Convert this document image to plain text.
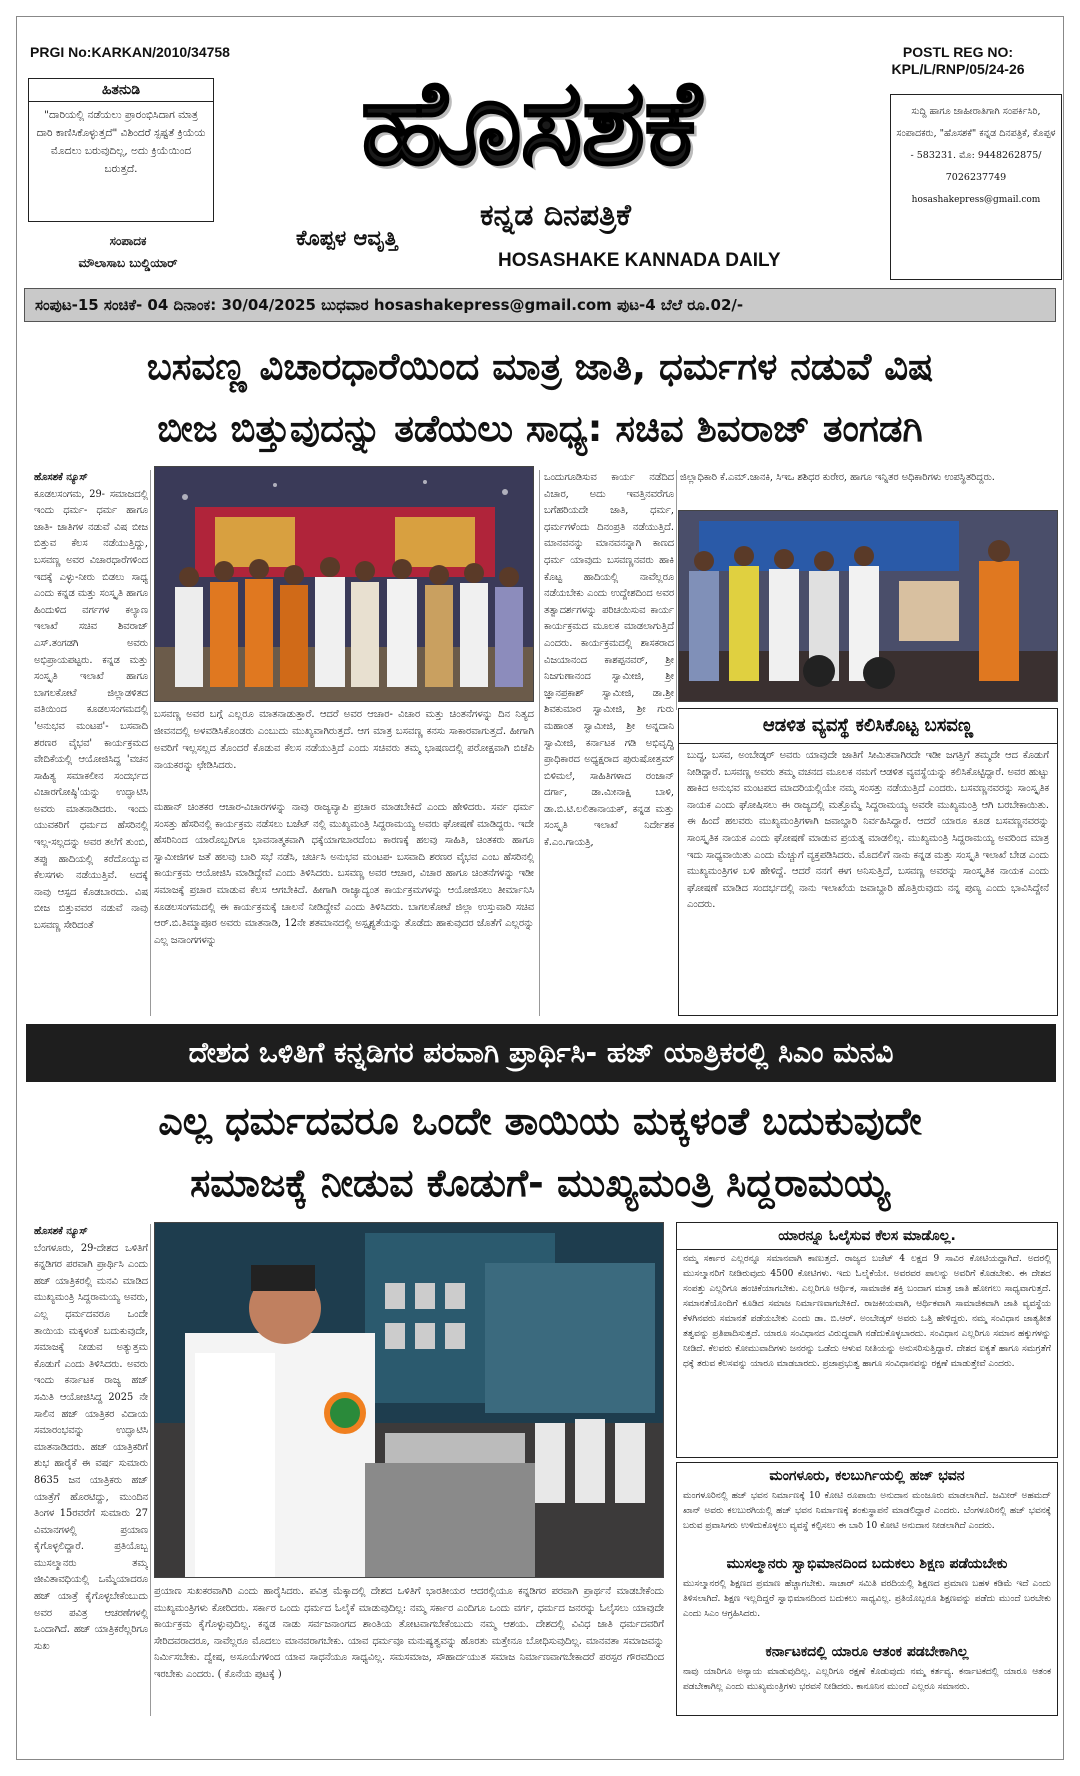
PRGI No:KARKAN/2010/34758	POSTL REG NO:
KPL/L/RNP/05/24-26
ಹಿತನುಡಿ
"ದಾರಿಯಲ್ಲಿ ನಡೆಯಲು ಪ್ರಾರಂಭಿಸಿದಾಗ ಮಾತ್ರ ದಾರಿ ಕಾಣಿಸಿಕೊಳ್ಳುತ್ತದೆ" ವಿಶಿಂದರೆ ಸ್ಪಷ್ಟತೆ ಕ್ರಿಯೆಯ ಮೊದಲು ಬರುವುದಿಲ್ಲ, ಅದು ಕ್ರಿಯೆಯಿಂದ ಬರುತ್ತದೆ.
ಸಂಪಾದಕ
ಮೌಲಾಸಾಬ ಬುಲ್ಡಿಯಾರ್
ಹೊಸಶಕೆ
ಕೊಪ್ಪಳ ಆವೃತ್ತಿ
ಕನ್ನಡ ದಿನಪತ್ರಿಕೆ
HOSASHAKE KANNADA DAILY
ಸುದ್ದಿ ಹಾಗೂ ಜಾಹೀರಾತಿಗಾಗಿ ಸಂಪರ್ಕಿಸಿರಿ, ಸಂಪಾದಕರು, "ಹೊಸಶಕೆ" ಕನ್ನಡ ದಿನಪತ್ರಿಕೆ, ಕೊಪ್ಪಳ - 583231. ಮೊ: 9448262875/ 7026237749
hosashakepress@gmail.com
ಸಂಪುಟ-15 ಸಂಚಿಕೆ- 04 ದಿನಾಂಕ: 30/04/2025 ಬುಧವಾರ hosashakepress@gmail.com ಪುಟ-4 ಬೆಲೆ ರೂ.02/-
ಬಸವಣ್ಣ ವಿಚಾರಧಾರೆಯಿಂದ ಮಾತ್ರ ಜಾತಿ, ಧರ್ಮಗಳ ನಡುವೆ ವಿಷ
ಬೀಜ ಬಿತ್ತುವುದನ್ನು ತಡೆಯಲು ಸಾಧ್ಯ: ಸಚಿವ ಶಿವರಾಜ್ ತಂಗಡಗಿ
ಹೊಸಶಕೆ ನ್ಯೂಸ್
ಕೂಡಲಸಂಗಮ, 29- ಸಮಾಜದಲ್ಲಿ ಇಂದು ಧರ್ಮ- ಧರ್ಮ ಹಾಗೂ ಜಾತಿ- ಜಾತಿಗಳ ನಡುವೆ ವಿಷ ಬೀಜ ಬಿತ್ತುವ ಕೆಲಸ ನಡೆಯುತ್ತಿದ್ದು, ಬಸವಣ್ಣ ಅವರ ವಿಚಾರಧಾರೆಗಳಿಂದ ಇದಕ್ಕೆ ಎಳ್ಳು-ನೀರು ಬಿಡಲು ಸಾಧ್ಯ ಎಂದು ಕನ್ನಡ ಮತ್ತು ಸಂಸ್ಕೃತಿ ಹಾಗೂ ಹಿಂದುಳಿದ ವರ್ಗಗಳ ಕಲ್ಯಾಣ ಇಲಾಖೆ ಸಚಿವ ಶಿವರಾಜ್ ಎಸ್.ತಂಗಡಗಿ ಅವರು ಅಭಿಪ್ರಾಯಪಟ್ಟರು. ಕನ್ನಡ ಮತ್ತು ಸಂಸ್ಕೃತಿ ಇಲಾಖೆ ಹಾಗೂ ಬಾಗಲಕೋಟೆ ಜಿಲ್ಲಾಡಳಿತದ ವತಿಯಿಂದ ಕೂಡಲಸಂಗಮದಲ್ಲಿ 'ಅನುಭವ ಮಂಟಪ'- ಬಸವಾದಿ ಶರಣರ ವೈಭವ' ಕಾರ್ಯಕ್ರಮದ ವೇದಿಕೆಯಲ್ಲಿ ಆಯೋಜಿಸಿದ್ದ 'ವಚನ ಸಾಹಿತ್ಯ ಸಮಾಕಲೀನ ಸಂದರ್ಭದ ವಿಚಾರಗೋಷ್ಠಿ'ಯನ್ನು ಉದ್ಘಾಟಿಸಿ ಅವರು ಮಾತನಾಡಿದರು. ಇಂದು ಯುವಕರಿಗೆ ಧರ್ಮದ ಹೆಸರಿನಲ್ಲಿ ಇಲ್ಲ-ಸಲ್ಲದನ್ನು ಅವರ ತಲೆಗೆ ತುಂಬಿ, ತಪ್ಪು ಹಾದಿಯಲ್ಲಿ ಕರೆದೊಯ್ಯುವ ಕೆಲಸಗಳು ನಡೆಯುತ್ತಿವೆ. ಅದಕ್ಕೆ ನಾವು ಆಸ್ಪದ ಕೊಡಬಾರದು. ವಿಷ ಬೀಜ ಬಿತ್ತುವವರ ನಡುವೆ ನಾವು ಬಸವಣ್ಣ ಸೇರಿದಂತೆ
ಬಸವಣ್ಣ ಅವರ ಬಗ್ಗೆ ಎಲ್ಲರೂ ಮಾತನಾಡುತ್ತಾರೆ. ಆದರೆ ಅವರ ಆಚಾರ- ವಿಚಾರ ಮತ್ತು ಚಿಂತನೆಗಳನ್ನು ದಿನ ನಿತ್ಯದ ಜೀವನದಲ್ಲಿ ಅಳವಡಿಸಿಕೊಂಡರು ಎಂಬುದು ಮುಖ್ಯವಾಗಿರುತ್ತದೆ. ಆಗ ಮಾತ್ರ ಬಸವಣ್ಣ ಕನಸು ಸಾಕಾರವಾಗುತ್ತದೆ. ಹೀಗಾಗಿ ಅವರಿಗೆ ಇಲ್ಲಸಲ್ಲದ ತೊಂದರೆ ಕೊಡುವ ಕೆಲಸ ನಡೆಯುತ್ತಿದೆ ಎಂದು ಸಚಿವರು ತಮ್ಮ ಭಾಷಣದಲ್ಲಿ ಪರೋಕ್ಷವಾಗಿ ಬಿಜೆಪಿ ನಾಯಕರನ್ನು ಛೇಡಿಸಿದರು.
ಮಹಾನ್ ಚಿಂತಕರ ಆಚಾರ-ವಿಚಾರಗಳನ್ನು ನಾವು ರಾಜ್ಯವ್ಯಾಪಿ ಪ್ರಚಾರ ಮಾಡಬೇಕಿದೆ ಎಂದು ಹೇಳಿದರು. ಸರ್ವ ಧರ್ಮ ಸಂಸತ್ತು ಹೆಸರಿನಲ್ಲಿ ಕಾರ್ಯಕ್ರಮ ನಡೆಸಲು ಬಜೆಟ್ ನಲ್ಲಿ ಮುಖ್ಯಮಂತ್ರಿ ಸಿದ್ದರಾಮಯ್ಯ ಅವರು ಘೋಷಣೆ ಮಾಡಿದ್ದರು. ಇದೇ ಹೆಸರಿನಿಂದ ಯಾರೊಬ್ಬರಿಗೂ ಭಾವನಾತ್ಮಕವಾಗಿ ಧಕ್ಕೆಯಾಗಬಾರದೆಂಬ ಕಾರಣಕ್ಕೆ ಹಲವು ಸಾಹಿತಿ, ಚಿಂತಕರು ಹಾಗೂ ಸ್ವಾಮೀಜಿಗಳ ಜತೆ ಹಲವು ಬಾರಿ ಸಭೆ ನಡೆಸಿ, ಚರ್ಚಿಸಿ ಅನುಭವ ಮಂಟಪ- ಬಸವಾದಿ ಶರಣರ ವೈಭವ ಎಂಬ ಹೆಸರಿನಲ್ಲಿ ಕಾರ್ಯಕ್ರಮ ಆಯೋಜಿಸಿ ಮಾಡಿದ್ದೇವೆ ಎಂದು ತಿಳಿಸಿದರು. ಬಸವಣ್ಣ ಅವರ ಆಚಾರ, ವಿಚಾರ ಹಾಗೂ ಚಿಂತನೆಗಳನ್ನು ಇಡೀ ಸಮಾಜಕ್ಕೆ ಪ್ರಚಾರ ಮಾಡುವ ಕೆಲಸ ಆಗಬೇಕಿದೆ. ಹೀಗಾಗಿ ರಾಜ್ಯಾದ್ಯಂತ ಕಾರ್ಯಕ್ರಮಗಳನ್ನು ಆಯೋಜಿಸಲು ತೀರ್ಮಾನಿಸಿ ಕೂಡಲಸಂಗಮದಲ್ಲಿ ಈ ಕಾರ್ಯಕ್ರಮಕ್ಕೆ ಚಾಲನೆ ನೀಡಿದ್ದೇವೆ ಎಂದು ತಿಳಿಸಿದರು. ಬಾಗಲಕೋಟೆ ಜಿಲ್ಲಾ ಉಸ್ತುವಾರಿ ಸಚಿವ ಆರ್.ಬಿ.ತಿಮ್ಮಾಪೂರ ಅವರು ಮಾತನಾಡಿ, 12ನೇ ಶತಮಾನದಲ್ಲಿ ಅಸ್ಪೃಶ್ಯತೆಯನ್ನು ತೊಡೆದು ಹಾಕುವುದರ ಜೊತೆಗೆ ಎಲ್ಲರನ್ನು ಎಲ್ಲ ಜನಾಂಗಗಳನ್ನು
ಒಂದುಗೂಡಿಸುವ ಕಾರ್ಯ ನಡೆದಿದ ವಿಚಾರ, ಅದು ಇವತ್ತಿನವರೆಗೂ ಬಗೆಹರಿಯದೇ ಜಾತಿ, ಧರ್ಮ, ಧರ್ಮಗಳೆಂದು ದಿನಂಪ್ರತಿ ನಡೆಯುತ್ತಿದೆ. ಮಾನವನನ್ನು ಮಾನವನನ್ನಾಗಿ ಕಾಣದ ಧರ್ಮ ಯಾವುದು ಬಸವಣ್ಣನವರು ಹಾಕಿ ಕೊಟ್ಟ ಹಾದಿಯಲ್ಲಿ ನಾವೆಲ್ಲರೂ ನಡೆಯಬೇಕು ಎಂದು ಉದ್ದೇಶದಿಂದ ಅವರ ತತ್ವಾದರ್ಶಗಳನ್ನು ಪರಿಚಯಿಸುವ ಕಾರ್ಯ ಕಾರ್ಯಕ್ರಮದ ಮೂಲಕ ಮಾಡಲಾಗುತ್ತಿದೆ ಎಂದರು. ಕಾರ್ಯಕ್ರಮದಲ್ಲಿ ಶಾಸಕರಾದ ವಿಜಯಾನಂದ ಕಾಶಪ್ಪನವರ್, ಶ್ರೀ ನಿಜಗುಣಾನಂದ ಸ್ವಾಮೀಜಿ, ಶ್ರೀ ಜ್ಞಾನಪ್ರಕಾಶ್ ಸ್ವಾಮೀಜಿ, ಡಾ.ಶ್ರೀ ಶಿವಕುಮಾರ ಸ್ವಾಮೀಜಿ, ಶ್ರೀ ಗುರು ಮಹಾಂತ ಸ್ವಾಮೀಜಿ, ಶ್ರೀ ಅನ್ನದಾನಿ ಸ್ವಾಮೀಜಿ, ಕರ್ನಾಟಕ ಗಡಿ ಅಭಿವೃದ್ಧಿ ಪ್ರಾಧಿಕಾರದ ಅಧ್ಯಕ್ಷರಾದ ಪುರುಷೋತ್ತಮ್ ಬಿಳಿಮಲೆ, ಸಾಹಿತಿಗಳಾದ ರಂಜಾನ್ ದರ್ಗಾ, ಡಾ.ಮೀನಾಕ್ಷಿ ಬಾಳಿ, ಡಾ.ಬಿ.ಟಿ.ಲಲಿತಾನಾಯಕ್, ಕನ್ನಡ ಮತ್ತು ಸಂಸ್ಕೃತಿ ಇಲಾಖೆ ನಿರ್ದೇಶಕ ಕೆ.ಎಂ.ಗಾಯತ್ರಿ,
ಜಿಲ್ಲಾಧಿಕಾರಿ ಕೆ.ಎಮ್.ಜಾನಕಿ, ಸಿಇಒ ಶಶಿಧರ ಕುರೇರ, ಹಾಗೂ ಇನ್ನಿತರ ಅಧಿಕಾರಿಗಳು ಉಪಸ್ಥಿತರಿದ್ದರು.
ಆಡಳಿತ ವ್ಯವಸ್ಥೆ ಕಲಿಸಿಕೊಟ್ಟ ಬಸವಣ್ಣ
ಬುದ್ಧ, ಬಸವ, ಅಂಬೇಡ್ಕರ್ ಅವರು ಯಾವುದೇ ಜಾತಿಗೆ ಸೀಮಿತವಾಗಿರದೇ ಇಡೀ ಜಗತ್ತಿಗೆ ತಮ್ಮದೇ ಆದ ಕೊಡುಗೆ ನೀಡಿದ್ದಾರೆ. ಬಸವಣ್ಣ ಅವರು ತಮ್ಮ ವಚನದ ಮೂಲಕ ನಮಗೆ ಆಡಳಿತ ವ್ಯವಸ್ಥೆಯನ್ನು ಕಲಿಸಿಕೊಟ್ಟಿದ್ದಾರೆ. ಅವರ ಹುಟ್ಟು ಹಾಕಿದ ಅನುಭವ ಮಂಟಪದ ಮಾದರಿಯಲ್ಲಿಯೇ ನಮ್ಮ ಸಂಸತ್ತು ನಡೆಯುತ್ತಿದೆ ಎಂದರು. ಬಸವಣ್ಣನವರನ್ನು ಸಾಂಸ್ಕೃತಿಕ ನಾಯಕ ಎಂದು ಘೋಷಿಸಲು ಈ ರಾಜ್ಯದಲ್ಲಿ ಮತ್ತೊಮ್ಮೆ ಸಿದ್ದರಾಮಯ್ಯ ಅವರೇ ಮುಖ್ಯಮಂತ್ರಿ ಆಗಿ ಬರಬೇಕಾಯಿತು. ಈ ಹಿಂದೆ ಹಲವರು ಮುಖ್ಯಮಂತ್ರಿಗಳಾಗಿ ಜವಾಬ್ದಾರಿ ನಿರ್ವಹಿಸಿದ್ದಾರೆ. ಆದರೆ ಯಾರೂ ಕೂಡ ಬಸವಣ್ಣನವರನ್ನು ಸಾಂಸ್ಕೃತಿಕ ನಾಯಕ ಎಂದು ಘೋಷಣೆ ಮಾಡುವ ಪ್ರಯತ್ನ ಮಾಡಲಿಲ್ಲ. ಮುಖ್ಯಮಂತ್ರಿ ಸಿದ್ದರಾಮಯ್ಯ ಅವರಿಂದ ಮಾತ್ರ ಇದು ಸಾಧ್ಯವಾಯಿತು ಎಂದು ಮೆಚ್ಚುಗೆ ವ್ಯಕ್ತಪಡಿಸಿದರು. ಮೊದಲಿಗೆ ನಾನು ಕನ್ನಡ ಮತ್ತು ಸಂಸ್ಕೃತಿ ಇಲಾಖೆ ಬೇಡ ಎಂದು ಮುಖ್ಯಮಂತ್ರಿಗಳ ಬಳಿ ಹೇಳಿದ್ದೆ. ಆದರೆ ನನಗೆ ಈಗ ಅನಿಸುತ್ತಿದೆ, ಬಸವಣ್ಣ ಅವರನ್ನು ಸಾಂಸ್ಕೃತಿಕ ನಾಯಕ ಎಂದು ಘೋಷಣೆ ಮಾಡಿದ ಸಂದರ್ಭದಲ್ಲಿ ನಾನು ಇಲಾಖೆಯ ಜವಾಬ್ದಾರಿ ಹೊತ್ತಿರುವುದು ನನ್ನ ಪುಣ್ಯ ಎಂದು ಭಾವಿಸಿದ್ದೇನೆ ಎಂದರು.
ದೇಶದ ಒಳಿತಿಗೆ ಕನ್ನಡಿಗರ ಪರವಾಗಿ ಪ್ರಾರ್ಥಿಸಿ- ಹಜ್ ಯಾತ್ರಿಕರಲ್ಲಿ ಸಿಎಂ ಮನವಿ
ಎಲ್ಲ ಧರ್ಮದವರೂ ಒಂದೇ ತಾಯಿಯ ಮಕ್ಕಳಂತೆ ಬದುಕುವುದೇ
ಸಮಾಜಕ್ಕೆ ನೀಡುವ ಕೊಡುಗೆ- ಮುಖ್ಯಮಂತ್ರಿ ಸಿದ್ದರಾಮಯ್ಯ
ಹೊಸಶಕೆ ನ್ಯೂಸ್
ಬೆಂಗಳೂರು, 29-ದೇಶದ ಒಳಿತಿಗೆ ಕನ್ನಡಿಗರ ಪರವಾಗಿ ಪ್ರಾರ್ಥಿಸಿ ಎಂದು ಹಜ್ ಯಾತ್ರಿಕರಲ್ಲಿ ಮನವಿ ಮಾಡಿದ ಮುಖ್ಯಮಂತ್ರಿ ಸಿದ್ದರಾಮಯ್ಯ ಅವರು, ಎಲ್ಲ ಧರ್ಮದವರೂ ಒಂದೇ ತಾಯಿಯ ಮಕ್ಕಳಂತೆ ಬದುಕುವುದೇ, ಸಮಾಜಕ್ಕೆ ನೀಡುವ ಅತ್ಯುತ್ತಮ ಕೊಡುಗೆ ಎಂದು ತಿಳಿಸಿದರು. ಅವರು ಇಂದು ಕರ್ನಾಟಕ ರಾಜ್ಯ ಹಜ್ ಸಮಿತಿ ಆಯೋಜಿಸಿದ್ದ 2025 ನೇ ಸಾಲಿನ ಹಜ್ ಯಾತ್ರಿಕರ ವಿದಾಯ ಸಮಾರಂಭವನ್ನು ಉದ್ಘಾಟಿಸಿ ಮಾತನಾಡಿದರು. ಹಜ್ ಯಾತ್ರಿಕರಿಗೆ ಶುಭ ಹಾರೈಕೆ ಈ ವರ್ಷ ಸುಮಾರು 8635 ಜನ ಯಾತ್ರಿಕರು ಹಜ್ ಯಾತ್ರೆಗೆ ಹೊರಟಿದ್ದು, ಮುಂದಿನ ತಿಂಗಳ 15ರವರೆಗೆ ಸುಮಾರು 27 ವಿಮಾನಗಳಲ್ಲಿ ಪ್ರಯಾಣ ಕೈಗೊಳ್ಳಲಿದ್ದಾರೆ. ಪ್ರತಿಯೊಬ್ಬ ಮುಸಲ್ಮಾನರು ತಮ್ಮ ಜೀವಿತಾವಧಿಯಲ್ಲಿ ಒಮ್ಮೆಯಾದರೂ ಹಜ್ ಯಾತ್ರೆ ಕೈಗೊಳ್ಳಬೇಕೆಂಬುದು ಅವರ ಪವಿತ್ರ ಆಚರಣೆಗಳಲ್ಲಿ ಒಂದಾಗಿದೆ. ಹಜ್ ಯಾತ್ರಿಕರೆಲ್ಲರಿಗೂ ಸುಖ
ಪ್ರಯಾಣ ಸುಖಕರವಾಗಿರಿ ಎಂದು ಹಾರೈಸಿದರು. ಪವಿತ್ರ ಮೆಕ್ಕಾದಲ್ಲಿ ದೇಶದ ಒಳಿತಿಗೆ ಭಾರತೀಯರ ಆದರಲ್ಲಿಯೂ ಕನ್ನಡಿಗರ ಪರವಾಗಿ ಪ್ರಾರ್ಥನೆ ಮಾಡಬೇಕೆಂದು ಮುಖ್ಯಮಂತ್ರಿಗಳು ಕೋರಿದರು. ಸರ್ಕಾರ ಒಂದು ಧರ್ಮದ ಓಲೈಕೆ ಮಾಡುವುದಿಲ್ಲ: ನಮ್ಮ ಸರ್ಕಾರ ಎಂದಿಗೂ ಒಂದು ವರ್ಗ, ಧರ್ಮದ ಜನರನ್ನು ಓಲೈಸಲು ಯಾವುದೇ ಕಾರ್ಯಕ್ರಮ ಕೈಗೊಳ್ಳುವುದಿಲ್ಲ. ಕನ್ನಡ ನಾಡು ಸರ್ವಜನಾಂಗದ ಶಾಂತಿಯ ತೋಟವಾಗಬೇಕೆಂಬುದು ನಮ್ಮ ಆಶಯ. ದೇಶದಲ್ಲಿ ವಿವಿಧ ಜಾತಿ ಧರ್ಮದವರಿಗೆ ಸೇರಿದವರಾದರೂ, ನಾವೆಲ್ಲರೂ ಮೊದಲು ಮಾನವರಾಗಬೇಕು. ಯಾವ ಧರ್ಮವೂ ಮನುಷ್ಯತ್ವವನ್ನು ಹೊರತು ಮತ್ತೇನೂ ಬೋಧಿಸುವುದಿಲ್ಲ. ಮಾನವತಾ ಸಮಾಜವನ್ನು ನಿರ್ಮಿಸಬೇಕು. ದ್ವೇಷ, ಅಸೂಯೆಗಳಿಂದ ಯಾವ ಸಾಧನೆಯೂ ಸಾಧ್ಯವಿಲ್ಲ. ಸಮಸಮಾಜ, ಸೌಹಾರ್ದಯುತ ಸಮಾಜ ನಿರ್ಮಾಣವಾಗಬೇಕಾದರೆ ಪರಸ್ಪರ ಗೌರವದಿಂದ ಇರಬೇಕು ಎಂದರು. ( ಕೊನೆಯ ಪುಟಕ್ಕೆ )
ಯಾರನ್ನೂ ಓಲೈಸುವ ಕೆಲಸ ಮಾಡೊಲ್ಲ.
ನಮ್ಮ ಸರ್ಕಾರ ಎಲ್ಲರನ್ನೂ ಸಮಾನವಾಗಿ ಕಾಣುತ್ತದೆ. ರಾಜ್ಯದ ಬಜೆಟ್ 4 ಲಕ್ಷದ 9 ಸಾವಿರ ಕೋಟಿಯದ್ದಾಗಿದೆ. ಅದರಲ್ಲಿ ಮುಸಲ್ಮಾನರಿಗೆ ನೀಡಿರುವುದು 4500 ಕೋಟಿಗಳು. ಇದು ಓಲೈಕೆಯೇ. ಅವರವರ ಪಾಲನ್ನು ಅವರಿಗೆ ಕೊಡಬೇಕು. ಈ ದೇಶದ ಸಂಪತ್ತು ಎಲ್ಲರಿಗೂ ಹಂಚಿಕೆಯಾಗಬೇಕು. ಎಲ್ಲರಿಗೂ ಆರ್ಥಿಕ, ಸಾಮಾಜಿಕ ಶಕ್ತಿ ಬಂದಾಗ ಮಾತ್ರ ಜಾತಿ ಹೋಗಲು ಸಾಧ್ಯವಾಗುತ್ತದೆ. ಸಮಾನತೆಯೊಂದಿಗೆ ಕೂಡಿದ ಸಮಾಜ ನಿರ್ಮಾಣವಾಗಬೇಕಿದೆ. ರಾಜಕೀಯವಾಗಿ, ಆರ್ಥಿಕವಾಗಿ ಸಾಮಾಜಿಕವಾಗಿ ಜಾತಿ ವ್ಯವಸ್ಥೆಯ ಕೆಳಗಿನವರು ಸಮಾನತೆ ಪಡೆಯಬೇಕು ಎಂದು ಡಾ. ಬಿ.ಆರ್. ಅಂಬೇಡ್ಕರ್ ಅವರು ಒತ್ತಿ ಹೇಳಿದ್ದರು. ನಮ್ಮ ಸಂವಿಧಾನ ಜಾತ್ಯತೀತ ತತ್ವವನ್ನು ಪ್ರತಿಪಾದಿಸುತ್ತದೆ. ಯಾರೂ ಸಂವಿಧಾನದ ವಿರುದ್ಧವಾಗಿ ನಡೆದುಕೊಳ್ಳಬಾರದು. ಸಂವಿಧಾನ ಎಲ್ಲರಿಗೂ ಸಮಾನ ಹಕ್ಕುಗಳನ್ನು ನೀಡಿದೆ. ಕೆಲವರು ಕೋಮುವಾದಿಗಳು ಜನರನ್ನು ಒಡೆದು ಆಳುವ ನೀತಿಯನ್ನು ಅನುಸರಿಸುತ್ತಿದ್ದಾರೆ. ದೇಶದ ಐಕ್ಯತೆ ಹಾಗೂ ಸಮಗ್ರತೆಗೆ ಧಕ್ಕೆ ತರುವ ಕೆಲಸವನ್ನು ಯಾರೂ ಮಾಡಬಾರದು. ಪ್ರಜಾಪ್ರಭುತ್ವ ಹಾಗೂ ಸಂವಿಧಾನವನ್ನು ರಕ್ಷಣೆ ಮಾಡುತ್ತೇವೆ ಎಂದರು.
ಮಂಗಳೂರು, ಕಲಬುರ್ಗಿಯಲ್ಲಿ ಹಜ್ ಭವನ
ಮಂಗಳೂರಿನಲ್ಲಿ ಹಜ್ ಭವನ ನಿರ್ಮಾಣಕ್ಕೆ 10 ಕೋಟಿ ರೂಪಾಯಿ ಅನುದಾನ ಮಂಜೂರು ಮಾಡಲಾಗಿದೆ. ಜಮೀರ್ ಅಹಮದ್ ಖಾನ್ ಅವರು ಕಲಬುರಗಿಯಲ್ಲಿ ಹಜ್ ಭವನ ನಿರ್ಮಾಣಕ್ಕೆ ಶಂಕುಸ್ಥಾಪನೆ ಮಾಡಲಿದ್ದಾರೆ ಎಂದರು. ಬೆಂಗಳೂರಿನಲ್ಲಿ ಹಜ್ ಭವನಕ್ಕೆ ಬರುವ ಪ್ರವಾಸಿಗರು ಉಳಿದುಕೊಳ್ಳಲು ವ್ಯವಸ್ಥೆ ಕಲ್ಪಿಸಲು ಈ ಬಾರಿ 10 ಕೋಟಿ ಅನುದಾನ ನೀಡಲಾಗಿದೆ ಎಂದರು.
ಮುಸಲ್ಮಾನರು ಸ್ವಾಭಿಮಾನದಿಂದ ಬದುಕಲು ಶಿಕ್ಷಣ ಪಡೆಯಬೇಕು
ಮುಸಲ್ಮಾನರಲ್ಲಿ ಶಿಕ್ಷಣದ ಪ್ರಮಾಣ ಹೆಚ್ಚಾಗಬೇಕು. ಸಾಚಾರ್ ಸಮಿತಿ ವರದಿಯಲ್ಲಿ ಶಿಕ್ಷಣದ ಪ್ರಮಾಣ ಬಹಳ ಕಡಿಮೆ ಇದೆ ಎಂದು ತಿಳಿಸಲಾಗಿದೆ. ಶಿಕ್ಷಣ ಇಲ್ಲದಿದ್ದರೆ ಸ್ವಾಭಿಮಾನದಿಂದ ಬದುಕಲು ಸಾಧ್ಯವಿಲ್ಲ. ಪ್ರತಿಯೊಬ್ಬರೂ ಶಿಕ್ಷಣವನ್ನು ಪಡೆದು ಮುಂದೆ ಬರಬೇಕು ಎಂದು ಸಿಎಂ ಆಗ್ರಹಿಸಿದರು.
ಕರ್ನಾಟಕದಲ್ಲಿ ಯಾರೂ ಆತಂಕ ಪಡಬೇಕಾಗಿಲ್ಲ
ನಾವು ಯಾರಿಗೂ ಅನ್ಯಾಯ ಮಾಡುವುದಿಲ್ಲ. ಎಲ್ಲರಿಗೂ ರಕ್ಷಣೆ ಕೊಡುವುದು ನಮ್ಮ ಕರ್ತವ್ಯ. ಕರ್ನಾಟಕದಲ್ಲಿ ಯಾರೂ ಆತಂಕ ಪಡಬೇಕಾಗಿಲ್ಲ ಎಂದು ಮುಖ್ಯಮಂತ್ರಿಗಳು ಭರವಸೆ ನೀಡಿದರು. ಕಾನೂನಿನ ಮುಂದೆ ಎಲ್ಲರೂ ಸಮಾನರು.
